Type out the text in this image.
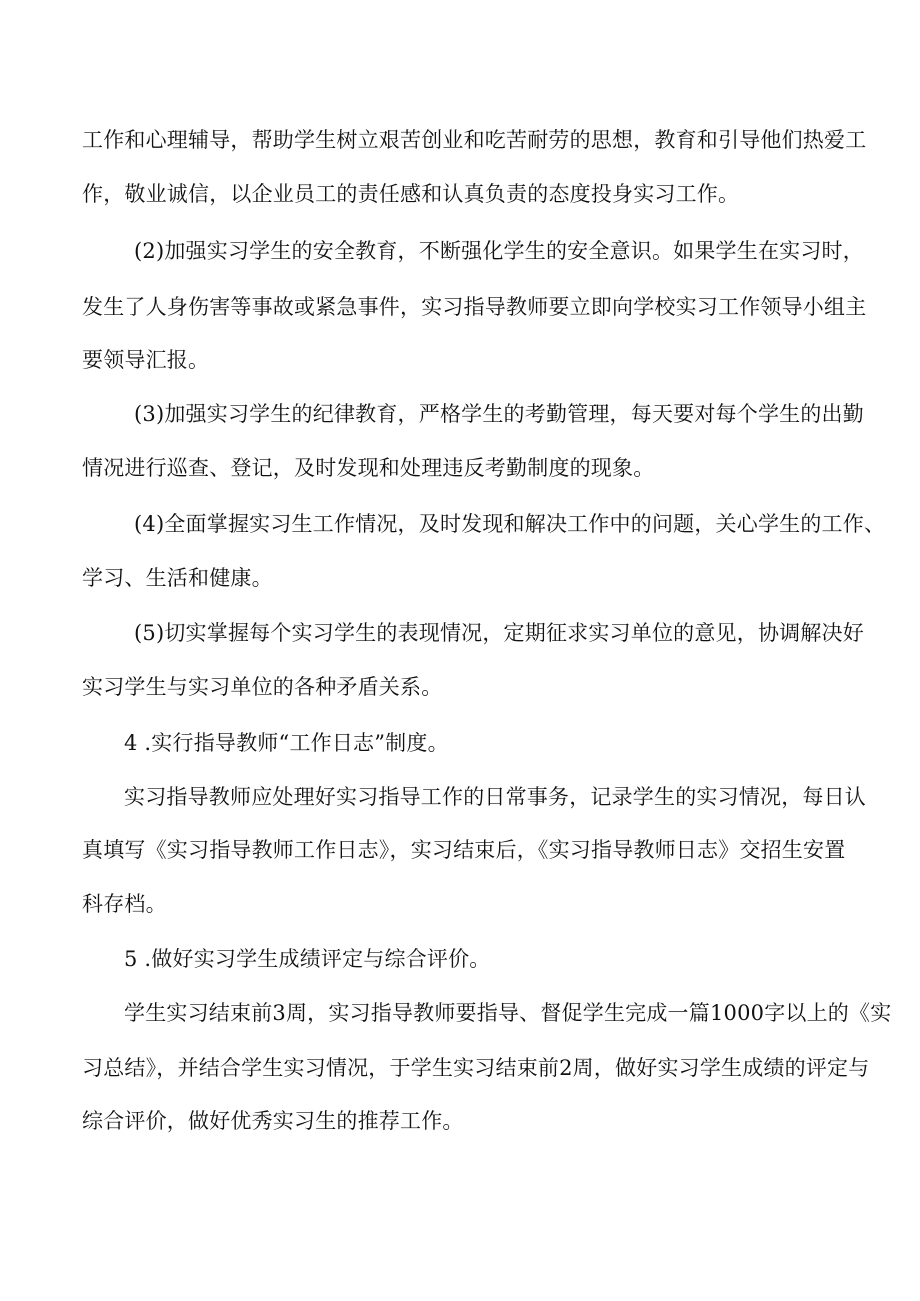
工作和心理辅导，帮助学生树立艰苦创业和吃苦耐劳的思想，教育和引导他们热爱工
作，敬业诚信，以企业员工的责任感和认真负责的态度投身实习工作。
(2)加强实习学生的安全教育，不断强化学生的安全意识。如果学生在实习时，
发生了人身伤害等事故或紧急事件，实习指导教师要立即向学校实习工作领导小组主
要领导汇报。
(3)加强实习学生的纪律教育，严格学生的考勤管理，每天要对每个学生的出勤
情况进行巡查、登记，及时发现和处理违反考勤制度的现象。
(4)全面掌握实习生工作情况，及时发现和解决工作中的问题，关心学生的工作、
学习、生活和健康。
(5)切实掌握每个实习学生的表现情况，定期征求实习单位的意见，协调解决好
实习学生与实习单位的各种矛盾关系。
4 .实行指导教师“工作日志”制度。
实习指导教师应处理好实习指导工作的日常事务，记录学生的实习情况，每日认
真填写《实习指导教师工作日志》，实习结束后，《实习指导教师日志》交招生安置
科存档。
5 .做好实习学生成绩评定与综合评价。
学生实习结束前3周，实习指导教师要指导、督促学生完成一篇1000字以上的《实
习总结》，并结合学生实习情况，于学生实习结束前2周，做好实习学生成绩的评定与
综合评价，做好优秀实习生的推荐工作。
